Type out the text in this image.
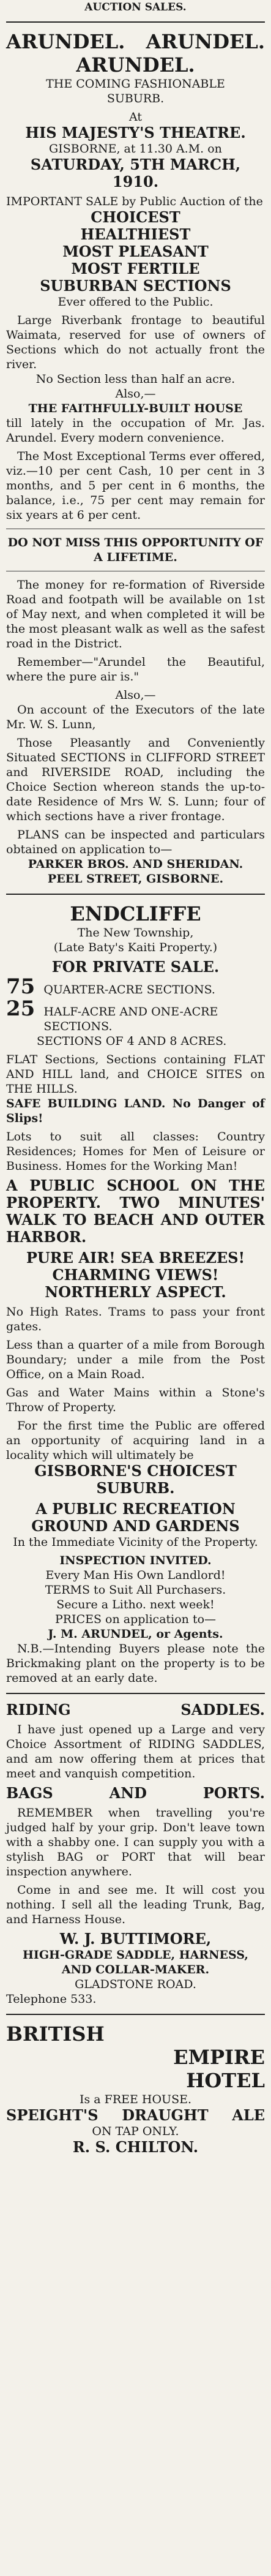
AUCTION SALES.
ARUNDEL. ARUNDEL.
ARUNDEL.
THE COMING FASHIONABLE
SUBURB.
At
HIS MAJESTY'S THEATRE.
GISBORNE, at 11.30 A.M. on
SATURDAY, 5TH MARCH, 1910.
IMPORTANT SALE by Public Auction of the
CHOICEST
HEALTHIEST
MOST PLEASANT
MOST FERTILE
SUBURBAN SECTIONS
Ever offered to the Public.
Large Riverbank frontage to beautiful Waimata, reserved for use of owners of Sections which do not actually front the river.
No Section less than half an acre.
Also,—
THE FAITHFULLY-BUILT HOUSE
till lately in the occupation of Mr. Jas. Arundel. Every modern convenience.
The Most Exceptional Terms ever offered, viz.—10 per cent Cash, 10 per cent in 3 months, and 5 per cent in 6 months, the balance, i.e., 75 per cent may remain for six years at 6 per cent.
DO NOT MISS THIS OPPORTUNITY OF A LIFETIME.
The money for re-formation of Riverside Road and footpath will be available on 1st of May next, and when completed it will be the most pleasant walk as well as the safest road in the District.
Remember—"Arundel the Beautiful, where the pure air is."
Also,—
On account of the Executors of the late Mr. W. S. Lunn,
Those Pleasantly and Conveniently Situated SECTIONS in CLIFFORD STREET and RIVERSIDE ROAD, including the Choice Section whereon stands the up-to-date Residence of Mrs W. S. Lunn; four of which sections have a river frontage.
PLANS can be inspected and particulars obtained on application to—
PARKER BROS. AND SHERIDAN.
PEEL STREET, GISBORNE.
ENDCLIFFE
The New Township,
(Late Baty's Kaiti Property.)
FOR PRIVATE SALE.
75 QUARTER-ACRE SECTIONS.
25 HALF-ACRE AND ONE-ACRE SECTIONS.
SECTIONS OF 4 AND 8 ACRES.
FLAT Sections, Sections containing FLAT AND HILL land, and CHOICE SITES on THE HILLS.
SAFE BUILDING LAND. No Danger of Slips!
Lots to suit all classes: Country Residences; Homes for Men of Leisure or Business. Homes for the Working Man!
A PUBLIC SCHOOL ON THE PROPERTY. TWO MINUTES' WALK TO BEACH AND OUTER HARBOR.
PURE AIR! SEA BREEZES!
CHARMING VIEWS!
NORTHERLY ASPECT.
No High Rates. Trams to pass your front gates.
Less than a quarter of a mile from Borough Boundary; under a mile from the Post Office, on a Main Road.
Gas and Water Mains within a Stone's Throw of Property.
For the first time the Public are offered an opportunity of acquiring land in a locality which will ultimately be
GISBORNE'S CHOICEST SUBURB.
A PUBLIC RECREATION GROUND AND GARDENS
In the Immediate Vicinity of the Property.
INSPECTION INVITED.
Every Man His Own Landlord!
TERMS to Suit All Purchasers.
Secure a Litho. next week!
PRICES on application to—
J. M. ARUNDEL, or Agents.
N.B.—Intending Buyers please note the Brickmaking plant on the property is to be removed at an early date.
RIDING	SADDLES.
I have just opened up a Large and very Choice Assortment of RIDING SADDLES, and am now offering them at prices that meet and vanquish competition.
BAGS	AND	PORTS.
REMEMBER when travelling you're judged half by your grip. Don't leave town with a shabby one. I can supply you with a stylish BAG or PORT that will bear inspection anywhere.
Come in and see me. It will cost you nothing. I sell all the leading Trunk, Bag, and Harness House.
W. J. BUTTIMORE,
HIGH-GRADE SADDLE, HARNESS,
AND COLLAR-MAKER.
GLADSTONE ROAD.
Telephone 533.
BRITISH
EMPIRE
HOTEL
Is a FREE HOUSE.
SPEIGHT'S DRAUGHT ALE
ON TAP ONLY.
R. S. CHILTON.
